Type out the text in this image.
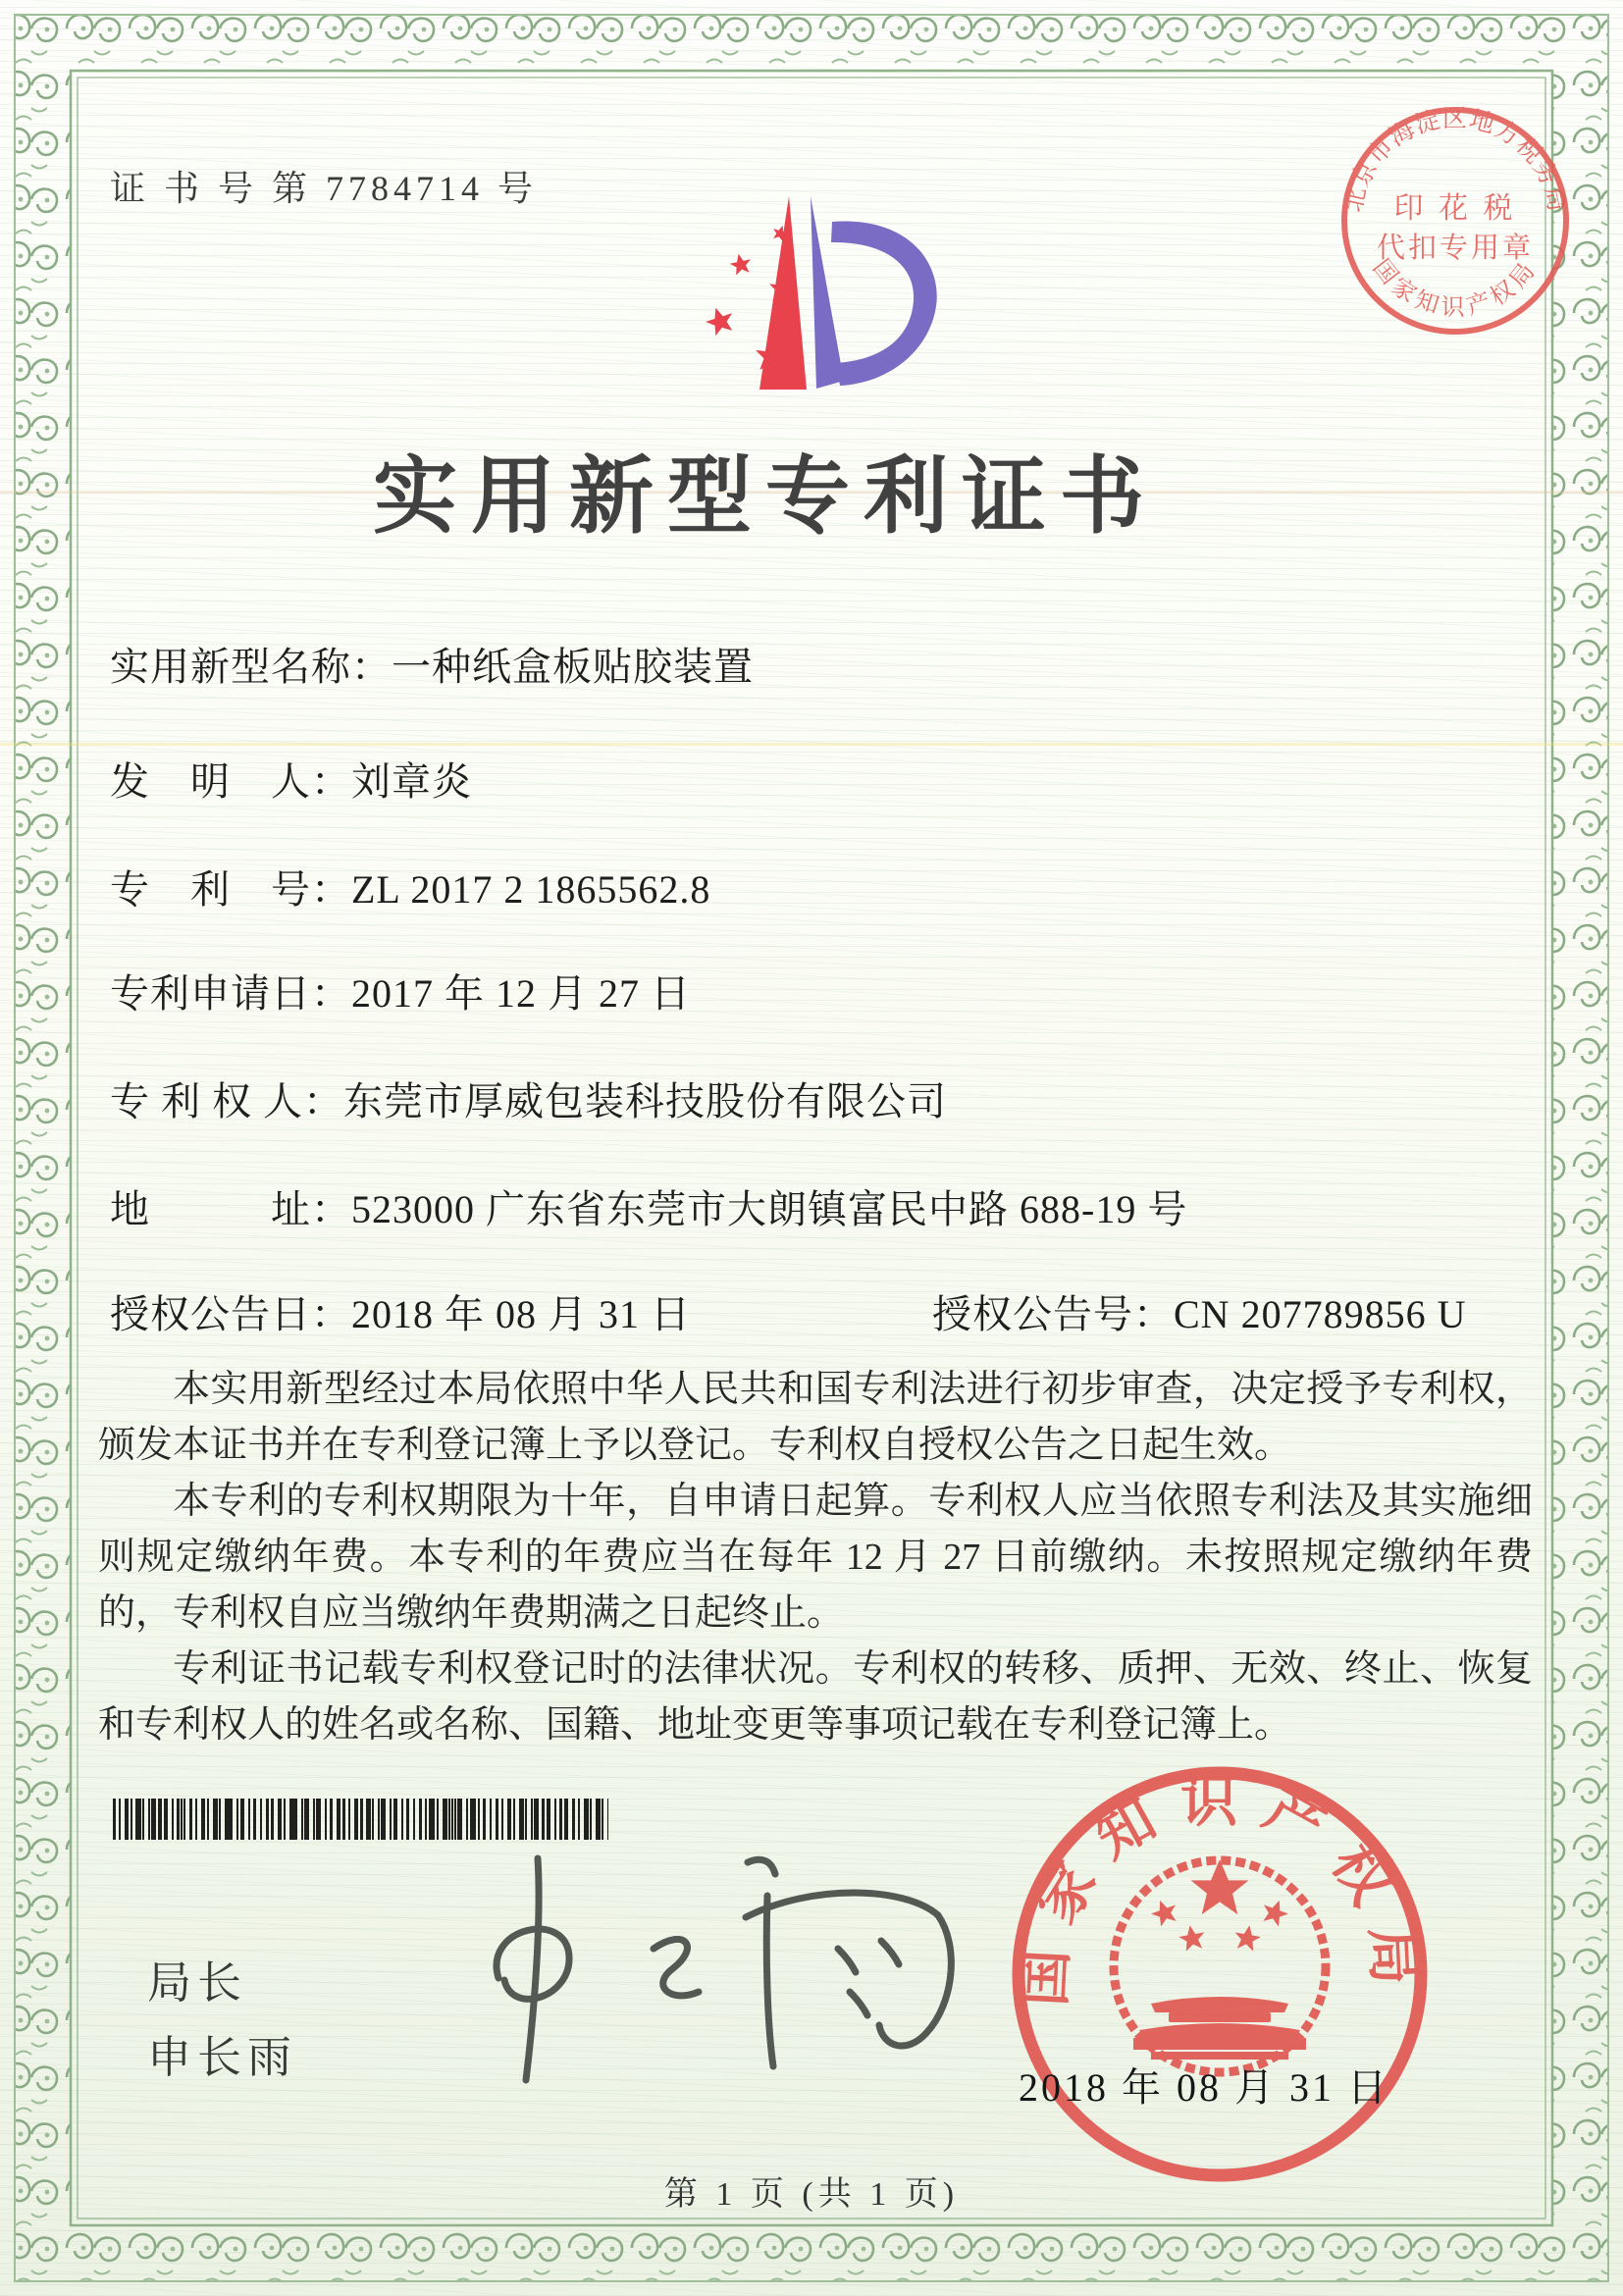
证 书 号 第 7784714 号	北京市海淀区地方税务局
国家知识产权局
印 花 税
代扣专用章
实用新型专利证书
实用新型名称：一种纸盒板贴胶装置
发　明　人：刘章炎
专　利　号：ZL 2017 2 1865562.8
专利申请日：2017 年 12 月 27 日
专 利 权 人：东莞市厚威包装科技股份有限公司
地　　　址：523000 广东省东莞市大朗镇富民中路 688-19 号
授权公告日：2018 年 08 月 31 日	授权公告号：CN 207789856 U

本实用新型经过本局依照中华人民共和国专利法进行初步审查，决定授予专利权，颁发本证书并在专利登记簿上予以登记。专利权自授权公告之日起生效。

本专利的专利权期限为十年，自申请日起算。专利权人应当依照专利法及其实施细则规定缴纳年费。本专利的年费应当在每年 12 月 27 日前缴纳。未按照规定缴纳年费的，专利权自应当缴纳年费期满之日起终止。

专利证书记载专利权登记时的法律状况。专利权的转移、质押、无效、终止、恢复和专利权人的姓名或名称、国籍、地址变更等事项记载在专利登记簿上。

局长
申长雨
国家知识产权局
2018 年 08 月 31 日
第 1 页 (共 1 页)
